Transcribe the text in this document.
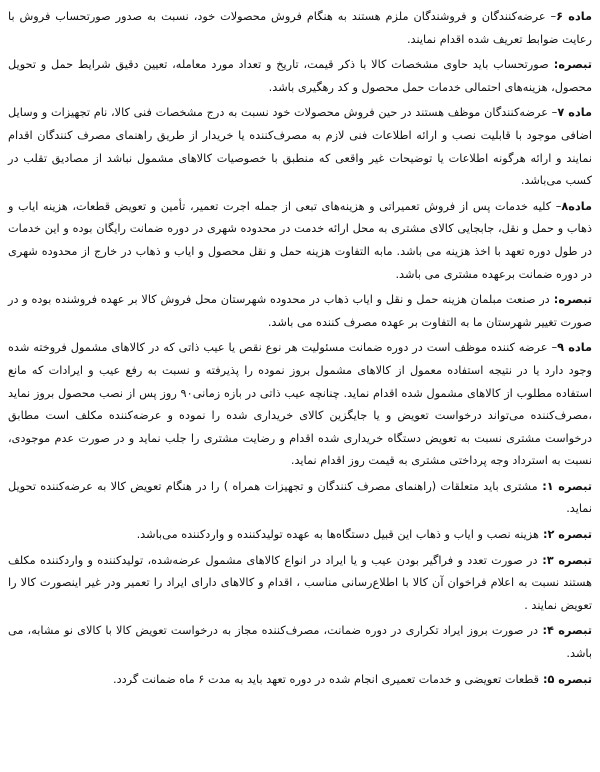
ماده ۶– عرضه‌کنندگان و فروشندگان ملزم هستند به هنگام فروش محصولات خود، نسبت به صدور صورتحساب فروش با رعایت ضوابط تعریف شده اقدام نمایند.

تبصره: صورتحساب باید حاوی مشخصات کالا با ذکر قیمت، تاریخ و تعداد مورد معامله، تعیین دقیق شرایط حمل و تحویل محصول، هزینه‌های احتمالی خدمات حمل محصول و کد رهگیری باشد.

ماده ۷– عرضه‌کنندگان موظف هستند در حین فروش محصولات خود نسبت به درج مشخصات فنی کالا، نام تجهیزات و وسایل اضافی موجود با قابلیت نصب و ارائه اطلاعات فنی لازم به مصرف‌کننده یا خریدار از طریق راهنمای مصرف کنندگان اقدام نمایند و ارائه هرگونه اطلاعات یا توضیحات غیر واقعی که منطبق با خصوصیات کالاهای مشمول نباشد از مصادیق تقلب در کسب می‌باشد.

ماده۸– کلیه خدمات پس از فروش تعمیراتی و هزینه‌های تبعی از جمله اجرت تعمیر، تأمین و تعویض قطعات، هزینه ایاب و ذهاب و حمل و نقل، جابجایی کالای مشتری به محل ارائه خدمت در محدوده شهری در دوره ضمانت رایگان بوده و این خدمات در طول دوره تعهد با اخذ هزینه می باشد. مابه التفاوت هزینه حمل و نقل محصول و ایاب و ذهاب در خارج از محدوده شهری در دوره ضمانت برعهده مشتری می باشد.

تبصره: در صنعت مبلمان هزینه حمل و نقل و ایاب ذهاب در محدوده شهرستان محل فروش کالا بر عهده فروشنده بوده و در صورت تغییر شهرستان ما به التفاوت بر عهده مصرف کننده می باشد.

ماده ۹– عرضه کننده موظف است در دوره ضمانت مسئولیت هر نوع نقص یا عیب ذاتی که در کالاهای مشمول فروخته شده وجود دارد یا در نتیجه استفاده معمول از کالاهای مشمول بروز نموده را پذیرفته و نسبت به رفع عیب و ایرادات که مانع استفاده مطلوب از کالاهای مشمول شده اقدام نماید. چنانچه عیب ذاتی در بازه زمانی۹۰ روز پس از نصب محصول بروز نماید ،مصرف‌کننده می‌تواند درخواست تعویض و یا جایگزین کالای خریداری شده را نموده و عرضه‌کننده مکلف است مطابق درخواست مشتری نسبت به تعویض دستگاه خریداری شده اقدام و رضایت مشتری را جلب نماید و در صورت عدم موجودی، نسبت به استرداد وجه پرداختی مشتری به قیمت روز اقدام نماید.

تبصره ۱: مشتری باید متعلقات (راهنمای مصرف کنندگان و تجهیزات همراه ) را در هنگام تعویض کالا به عرضه‌کننده تحویل نماید.

تبصره ۲: هزینه نصب و ایاب و ذهاب این قبیل دستگاه‌ها به عهده تولیدکننده و واردکننده می‌باشد.

تبصره ۳: در صورت تعدد و فراگیر بودن عیب و یا ایراد در انواع کالاهای مشمول عرضه‌شده، تولیدکننده و واردکننده مکلف هستند نسبت به اعلام فراخوان آن کالا با اطلاع‌رسانی مناسب ، اقدام و کالاهای دارای ایراد را تعمیر ودر غیر اینصورت کالا را تعویض نمایند .

تبصره ۴: در صورت بروز ایراد تکراری در دوره ضمانت، مصرف‌کننده مجاز به درخواست تعویض کالا با کالای نو مشابه، می باشد.

تبصره ۵: قطعات تعویضی و خدمات تعمیری انجام شده در دوره تعهد باید به مدت ۶ ماه ضمانت گردد.
